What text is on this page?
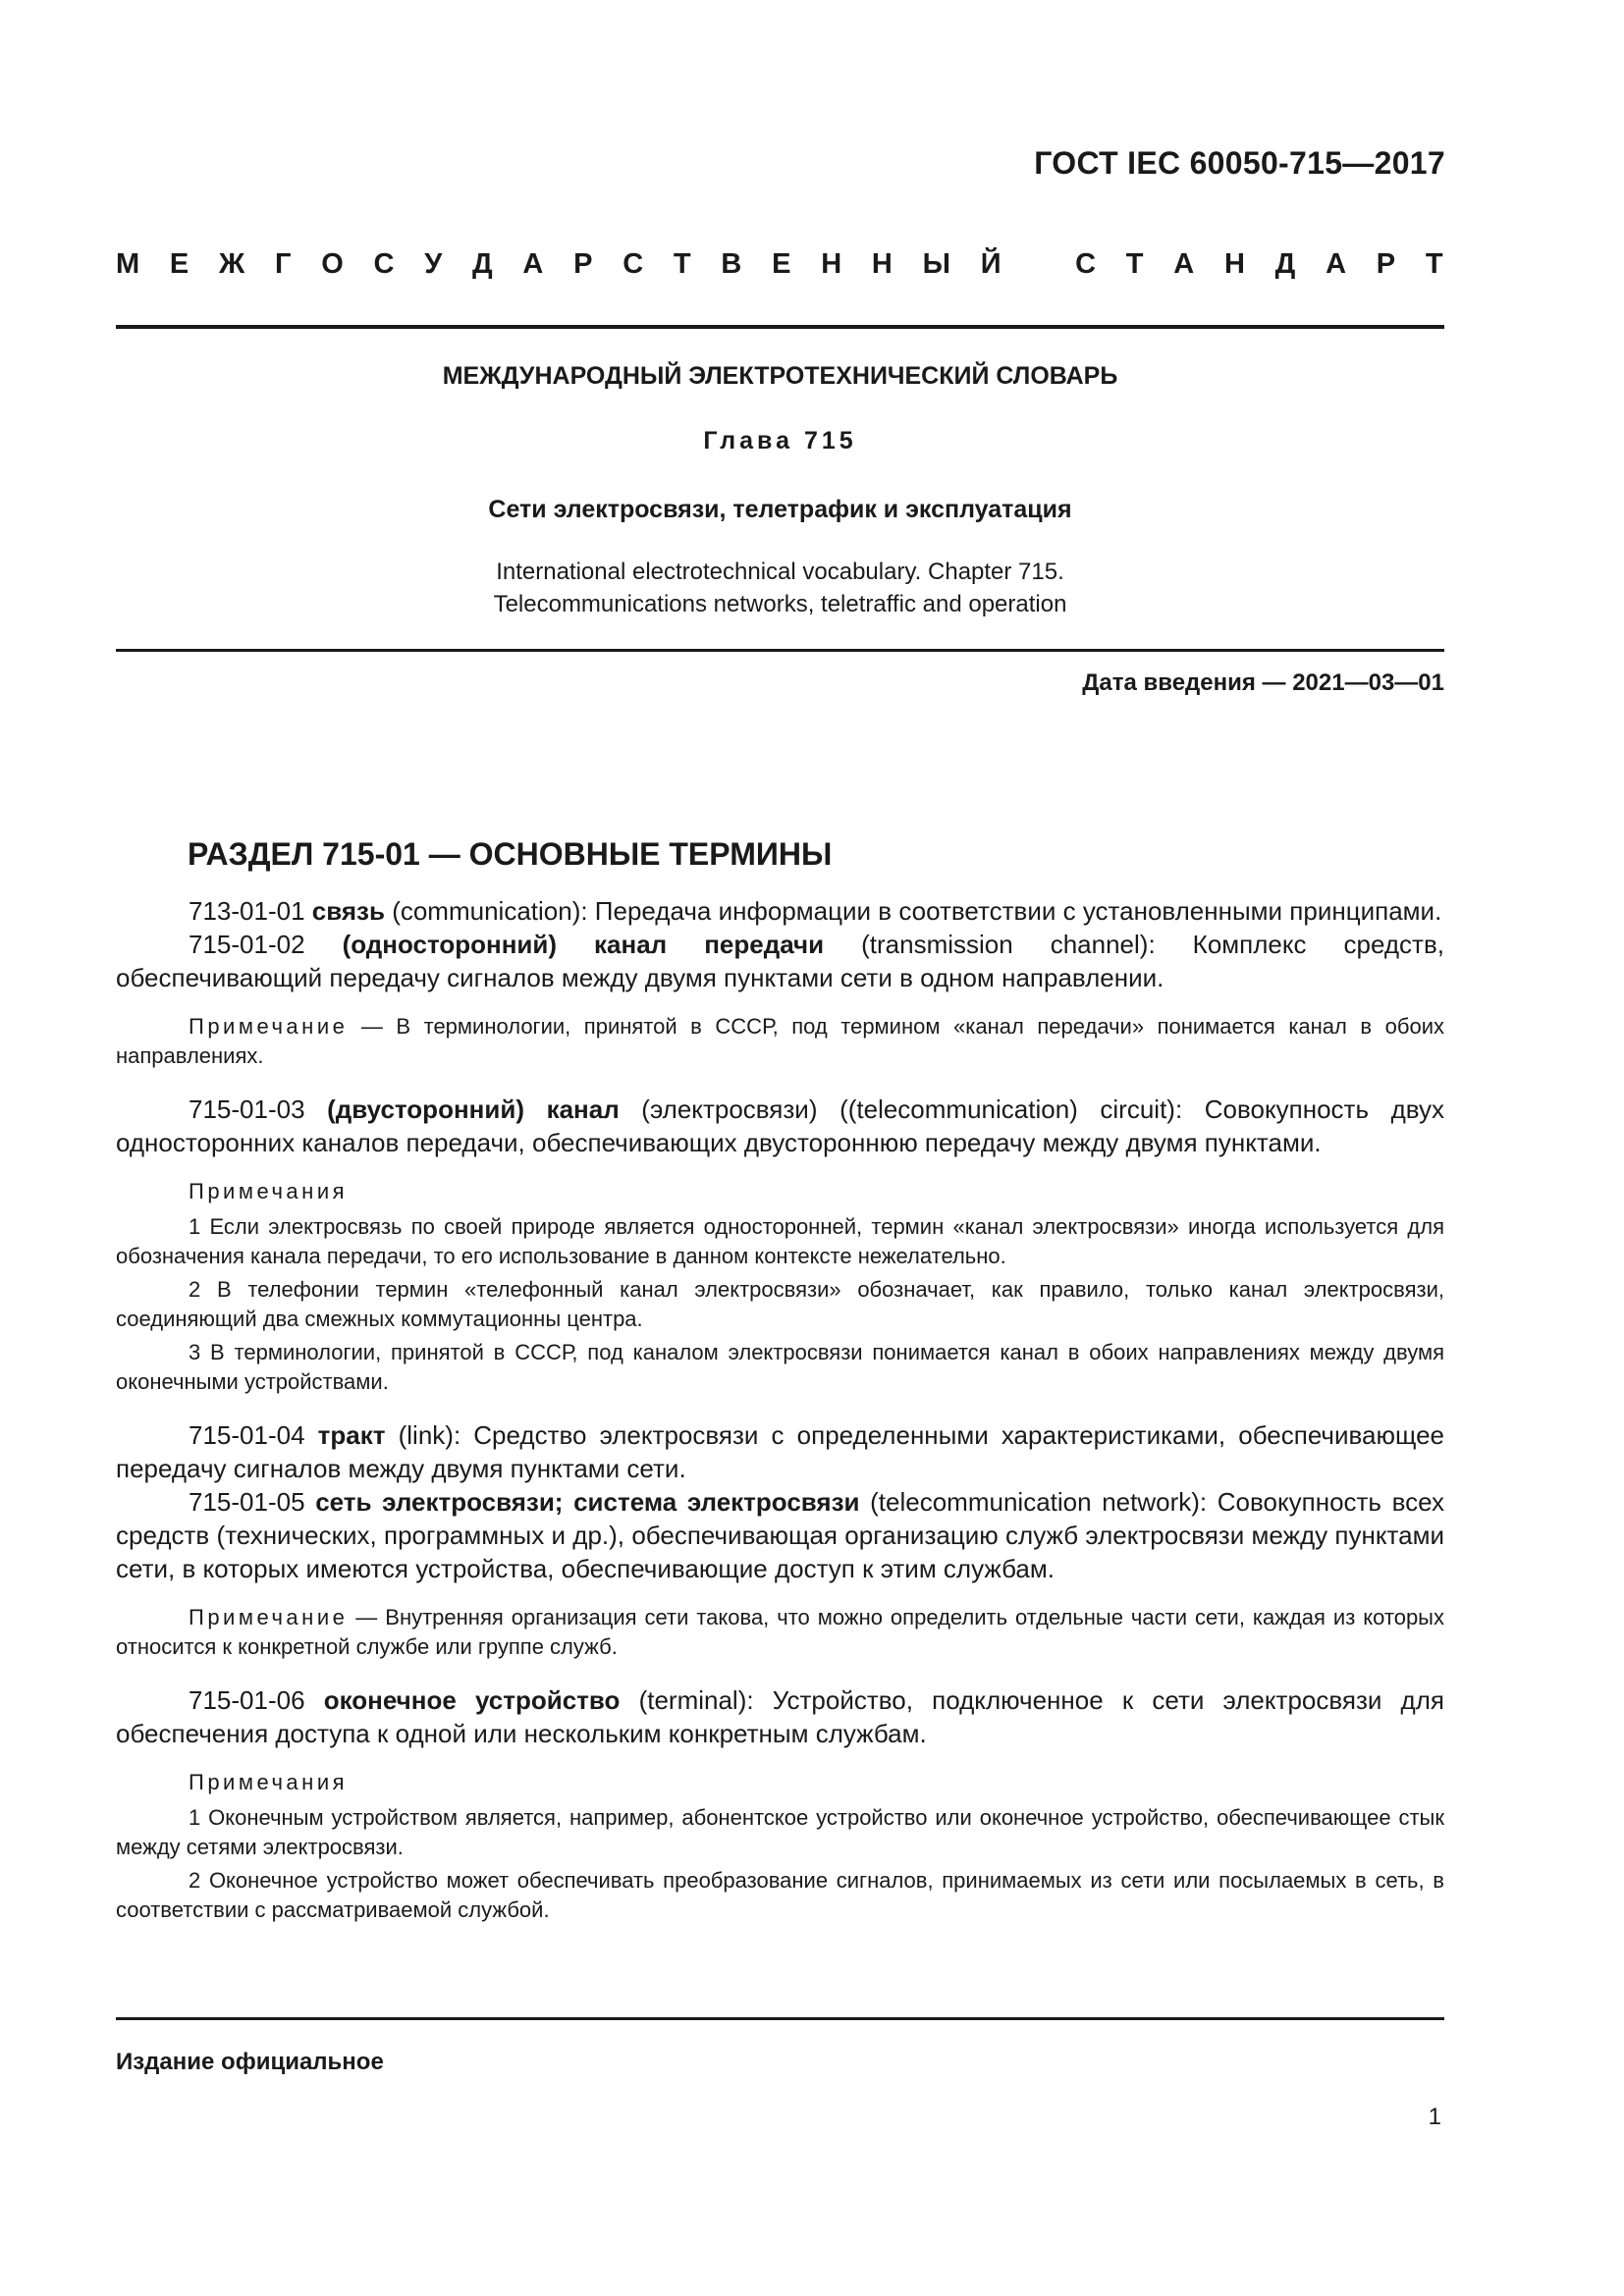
ГОСТ IEC 60050-715—2017
М Е Ж Г О С У Д А Р С Т В Е Н Н Ы Й	С Т А Н Д А Р Т
МЕЖДУНАРОДНЫЙ ЭЛЕКТРОТЕХНИЧЕСКИЙ СЛОВАРЬ
Глава 715
Сети электросвязи, телетрафик и эксплуатация
International electrotechnical vocabulary. Chapter 715.
Telecommunications networks, teletraffic and operation
Дата введения — 2021—03—01
РАЗДЕЛ 715-01 — ОСНОВНЫЕ ТЕРМИНЫ

713-01-01 связь (communication): Передача информации в соответствии с установленными принципами.

715-01-02 (односторонний) канал передачи (transmission channel): Комплекс средств, обеспечивающий передачу сигналов между двумя пунктами сети в одном направлении.

Примечание — В терминологии, принятой в СССР, под термином «канал передачи» понимается канал в обоих направлениях.

715-01-03 (двусторонний) канал (электросвязи) ((telecommunication) circuit): Совокупность двух односторонних каналов передачи, обеспечивающих двустороннюю передачу между двумя пунктами.

Примечания

1 Если электросвязь по своей природе является односторонней, термин «канал электросвязи» иногда используется для обозначения канала передачи, то его использование в данном контексте нежелательно.

2 В телефонии термин «телефонный канал электросвязи» обозначает, как правило, только канал электросвязи, соединяющий два смежных коммутационны центра.

3 В терминологии, принятой в СССР, под каналом электросвязи понимается канал в обоих направлениях между двумя оконечными устройствами.

715-01-04 тракт (link): Средство электросвязи с определенными характеристиками, обеспечивающее передачу сигналов между двумя пунктами сети.

715-01-05 сеть электросвязи; система электросвязи (telecommunication network): Совокупность всех средств (технических, программных и др.), обеспечивающая организацию служб электросвязи между пунктами сети, в которых имеются устройства, обеспечивающие доступ к этим службам.

Примечание — Внутренняя организация сети такова, что можно определить отдельные части сети, каждая из которых относится к конкретной службе или группе служб.

715-01-06 оконечное устройство (terminal): Устройство, подключенное к сети электросвязи для обеспечения доступа к одной или нескольким конкретным службам.

Примечания

1 Оконечным устройством является, например, абонентское устройство или оконечное устройство, обеспечивающее стык между сетями электросвязи.

2 Оконечное устройство может обеспечивать преобразование сигналов, принимаемых из сети или посылаемых в сеть, в соответствии с рассматриваемой службой.

Издание официальное
1
